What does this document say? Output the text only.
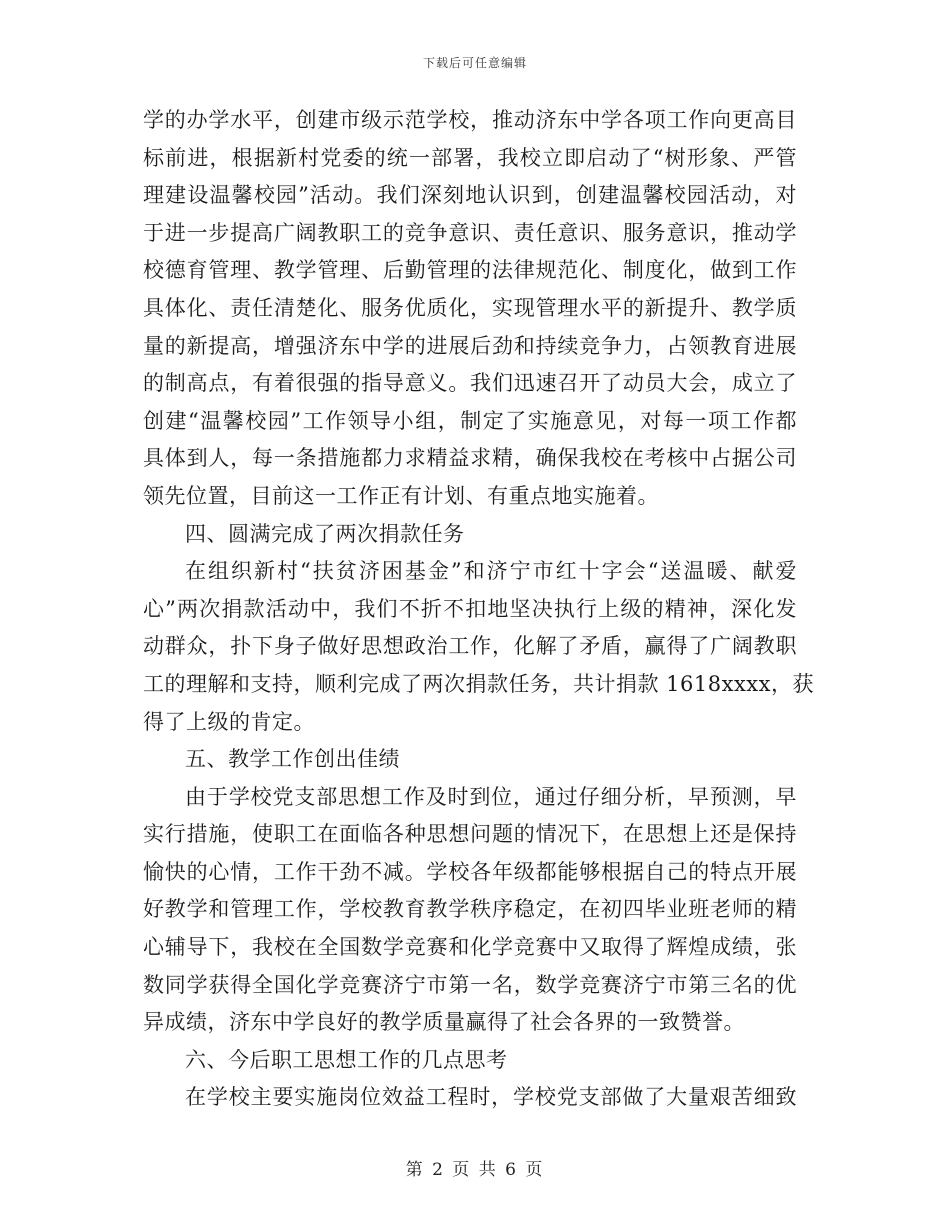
下载后可任意编辑
学的办学水平，创建市级示范学校，推动济东中学各项工作向更高目
标前进，根据新村党委的统一部署，我校立即启动了“树形象、严管
理建设温馨校园”活动。我们深刻地认识到，创建温馨校园活动，对
于进一步提高广阔教职工的竞争意识、责任意识、服务意识，推动学
校德育管理、教学管理、后勤管理的法律规范化、制度化，做到工作
具体化、责任清楚化、服务优质化，实现管理水平的新提升、教学质
量的新提高，增强济东中学的进展后劲和持续竞争力，占领教育进展
的制高点，有着很强的指导意义。我们迅速召开了动员大会，成立了
创建“温馨校园”工作领导小组，制定了实施意见，对每一项工作都
具体到人，每一条措施都力求精益求精，确保我校在考核中占据公司
领先位置，目前这一工作正有计划、有重点地实施着。
四、圆满完成了两次捐款任务
在组织新村“扶贫济困基金”和济宁市红十字会“送温暖、献爱
心”两次捐款活动中，我们不折不扣地坚决执行上级的精神，深化发
动群众，扑下身子做好思想政治工作，化解了矛盾，赢得了广阔教职
工的理解和支持，顺利完成了两次捐款任务，共计捐款 1618xxxx，获
得了上级的肯定。
五、教学工作创出佳绩
由于学校党支部思想工作及时到位，通过仔细分析，早预测，早
实行措施，使职工在面临各种思想问题的情况下，在思想上还是保持
愉快的心情，工作干劲不减。学校各年级都能够根据自己的特点开展
好教学和管理工作，学校教育教学秩序稳定，在初四毕业班老师的精
心辅导下，我校在全国数学竞赛和化学竞赛中又取得了辉煌成绩，张
数同学获得全国化学竞赛济宁市第一名，数学竞赛济宁市第三名的优
异成绩，济东中学良好的教学质量赢得了社会各界的一致赞誉。
六、今后职工思想工作的几点思考
在学校主要实施岗位效益工程时，学校党支部做了大量艰苦细致
第 2 页 共 6 页
